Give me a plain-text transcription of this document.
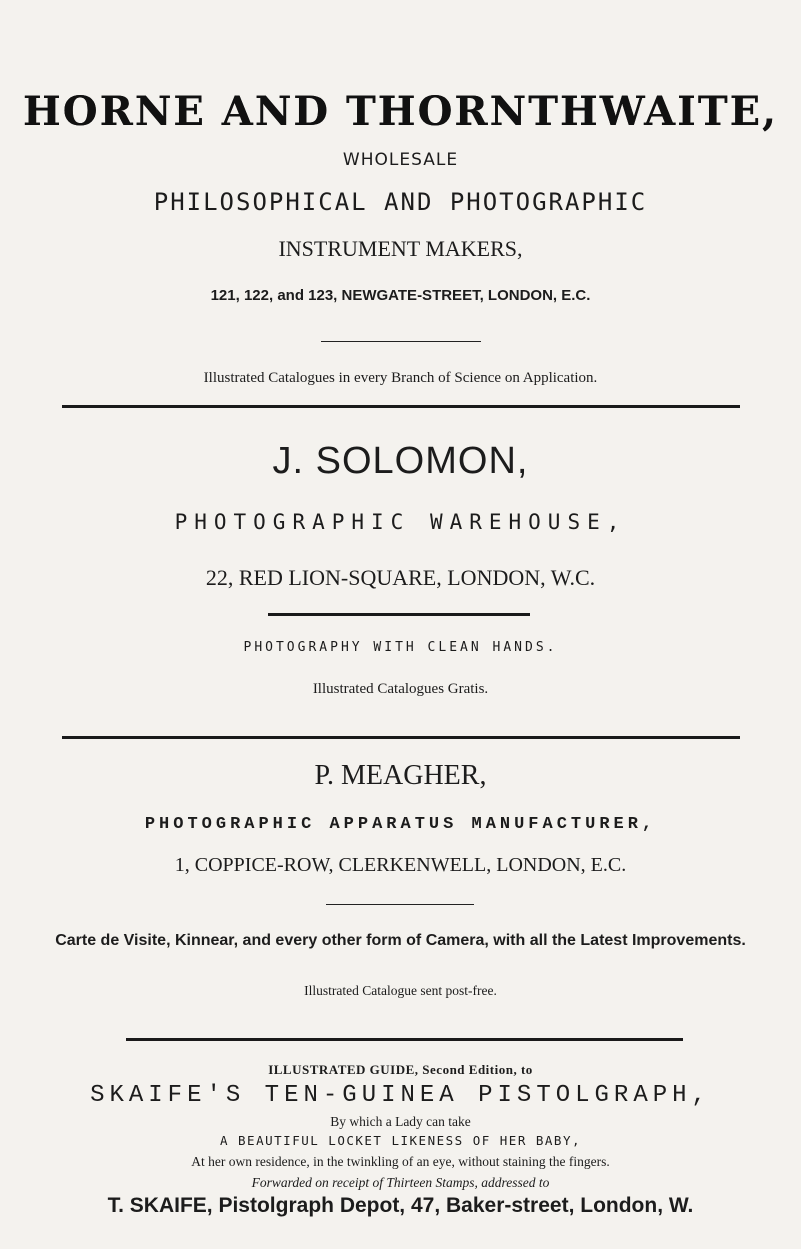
HORNE AND THORNTHWAITE,
WHOLESALE
PHILOSOPHICAL AND PHOTOGRAPHIC
INSTRUMENT MAKERS,
121, 122, and 123, NEWGATE-STREET, LONDON, E.C.
Illustrated Catalogues in every Branch of Science on Application.
J. SOLOMON,
PHOTOGRAPHIC WAREHOUSE,
22, RED LION-SQUARE, LONDON, W.C.
PHOTOGRAPHY WITH CLEAN HANDS.
Illustrated Catalogues Gratis.
P. MEAGHER,
PHOTOGRAPHIC APPARATUS MANUFACTURER,
1, COPPICE-ROW, CLERKENWELL, LONDON, E.C.
Carte de Visite, Kinnear, and every other form of Camera, with all the Latest Improvements.
Illustrated Catalogue sent post-free.
ILLUSTRATED GUIDE, Second Edition, to
SKAIFE'S TEN-GUINEA PISTOLGRAPH,
By which a Lady can take
A BEAUTIFUL LOCKET LIKENESS OF HER BABY,
At her own residence, in the twinkling of an eye, without staining the fingers.
Forwarded on receipt of Thirteen Stamps, addressed to
T. SKAIFE, Pistolgraph Depot, 47, Baker-street, London, W.
